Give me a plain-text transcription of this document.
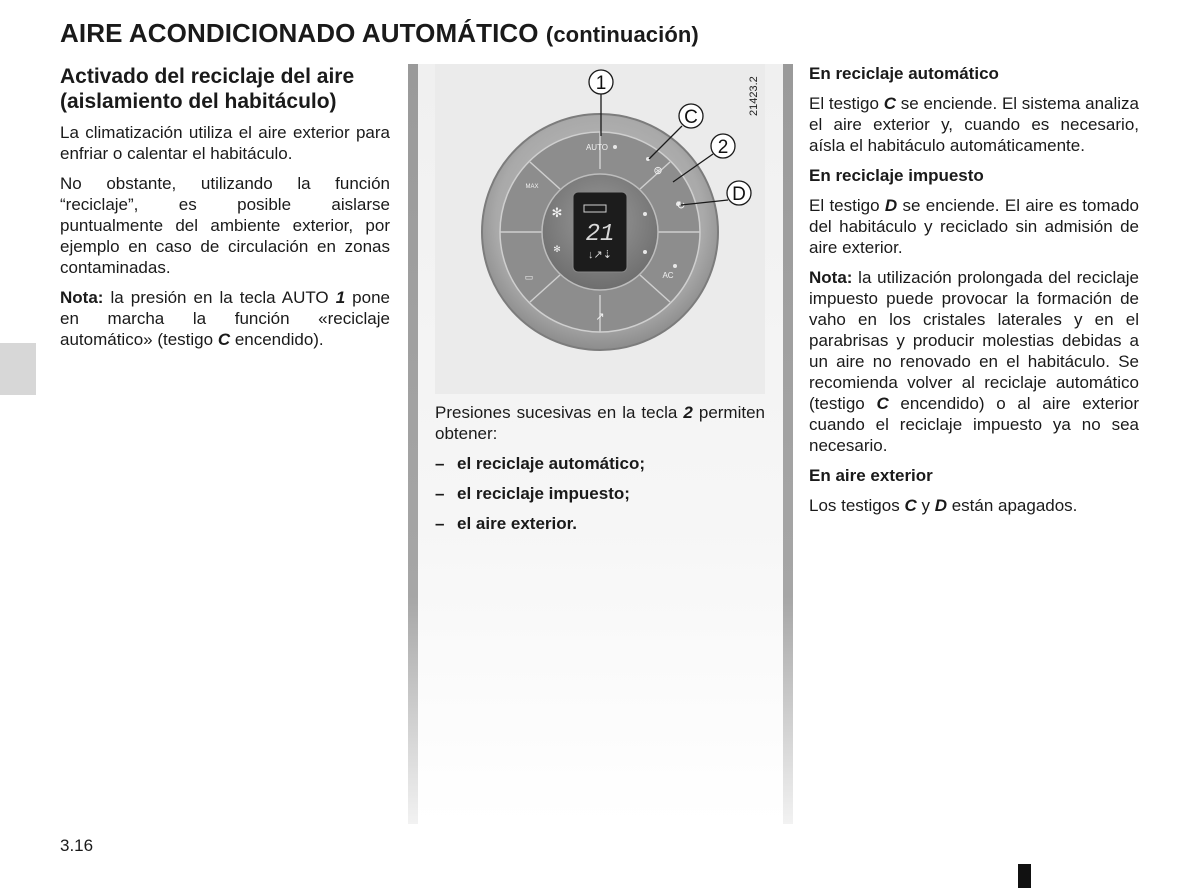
AIRE ACONDICIONADO AUTOMÁTICO (continuación)
Activado del reciclaje del aire
(aislamiento del habitáculo)

La climatización utiliza el aire exterior para enfriar o calentar el habitáculo.

No obstante, utilizando la función “reciclaje”, es posible aislarse puntualmente del ambiente exterior, por ejemplo en caso de circulación en zonas contaminadas.

Nota: la presión en la tecla AUTO 1 pone en marcha la función «reciclaje automático» (testigo C encendido).

21
↓↗⇣
AUTO
AC
MAX
⊛
↻
✻
✻
▭
↗
1
C
2
D
21423.2

Presiones sucesivas en la tecla 2 permiten obtener:

– el reciclaje automático;
– el reciclaje impuesto;
– el aire exterior.

En reciclaje automático

El testigo C se enciende. El sistema analiza el aire exterior y, cuando es necesario, aísla el habitáculo automáticamente.

En reciclaje impuesto

El testigo D se enciende. El aire es tomado del habitáculo y reciclado sin admisión de aire exterior.

Nota: la utilización prolongada del reciclaje impuesto puede provocar la formación de vaho en los cristales laterales y en el parabrisas y producir molestias debidas a un aire no renovado en el habitáculo. Se recomienda volver al reciclaje automático (testigo C encendido) o al aire exterior cuando el reciclaje impuesto ya no sea necesario.

En aire exterior

Los testigos C y D están apagados.

3.16
